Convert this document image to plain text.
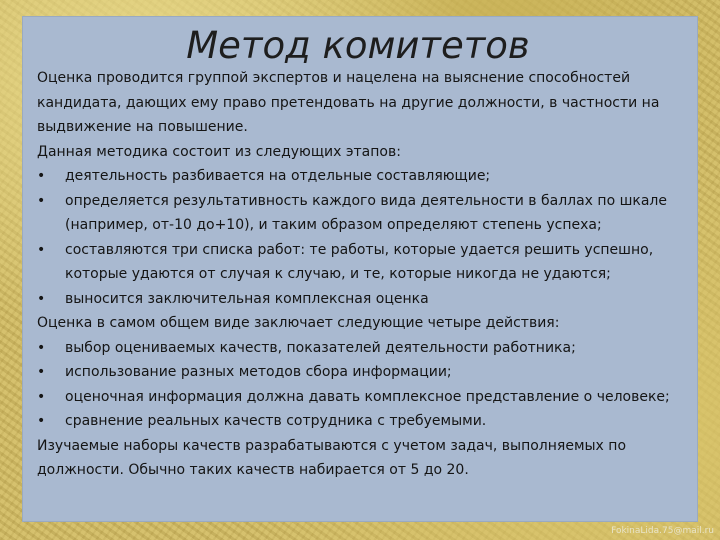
Метод комитетов

Оценка проводится группой экспертов и нацелена на выяснение способностей кандидата, дающих ему право претендовать на другие должности, в частности на выдвижение на повышение.

Данная методика состоит из следующих этапов:

• деятельность разбивается на отдельные составляющие;

• определяется результативность каждого вида деятельности в баллах по шкале (например, от-10 до+10), и таким образом определяют степень успеха;

• составляются три списка работ: те работы, которые удается решить успешно, которые удаются от случая к случаю, и те, которые никогда не удаются;

• выносится заключительная комплексная оценка

Оценка в самом общем виде заключает следующие четыре действия:

• выбор оцениваемых качеств, показателей деятельности работника;

• использование разных методов сбора информации;

• оценочная информация должна давать комплексное представление о человеке;

• сравнение реальных качеств сотрудника с требуемыми.

Изучаемые наборы качеств разрабатываются с учетом задач, выполняемых по должности. Обычно таких качеств набирается от 5 до 20.

FokinaLida.75@mail.ru
